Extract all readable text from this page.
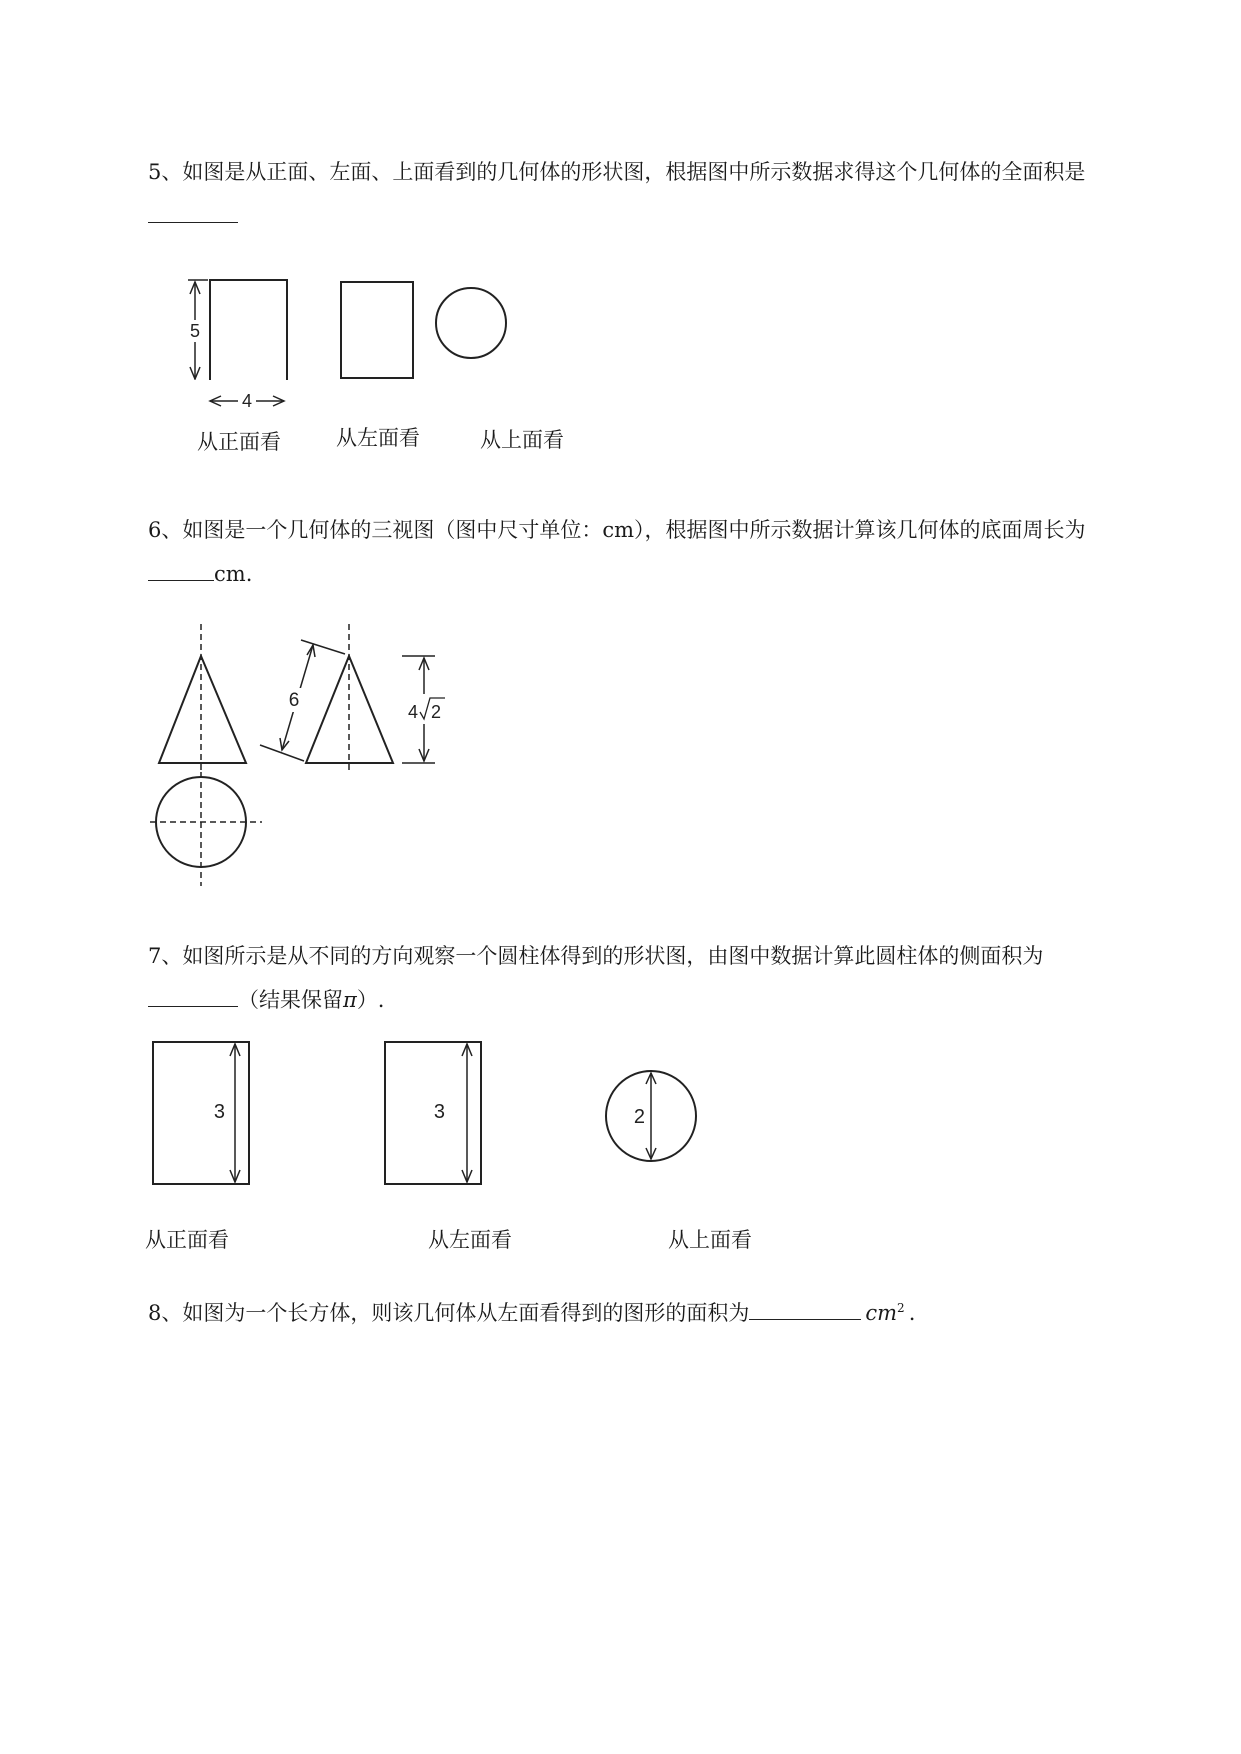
5、如图是从正面、左面、上面看到的几何体的形状图，根据图中所示数据求得这个几何体的全面积是
5
4
从正面看	从左面看	从上面看
6、如图是一个几何体的三视图（图中尺寸单位：cm），根据图中所示数据计算该几何体的底面周长为
cm.
6
4 2
7、如图所示是从不同的方向观察一个圆柱体得到的形状图，由图中数据计算此圆柱体的侧面积为
（结果保留π）.
3	3	2
从正面看	从左面看	从上面看
8、如图为一个长方体，则该几何体从左面看得到的图形的面积为	$cm^2$ .
